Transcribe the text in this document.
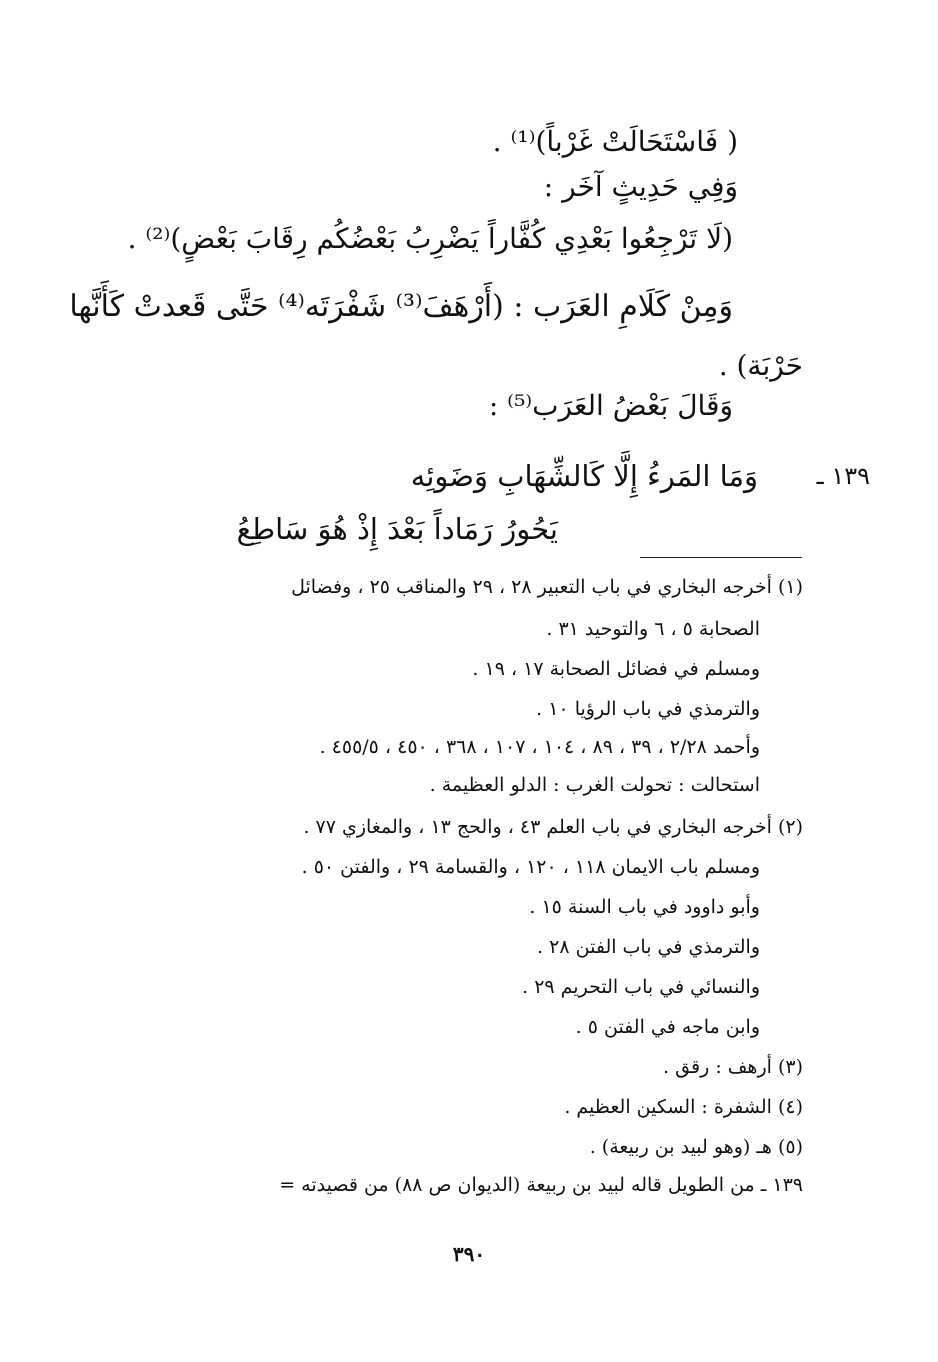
( فَاسْتَحَالَتْ غَرْباً)⁽¹⁾ .

وَفِي حَدِيثٍ آخَر :

(لَا تَرْجِعُوا بَعْدِي كُفَّاراً يَضْرِبُ بَعْضُكُم رِقَابَ بَعْضٍ)⁽²⁾ .

وَمِنْ كَلَامِ العَرَب : (أَرْهَفَ⁽³⁾ شَفْرَتَه⁽⁴⁾ حَتَّى قَعدتْ كَأَنَّها

حَرْبَة) .

وَقَالَ بَعْضُ العَرَب⁽⁵⁾ :

١٣٩ ـ

وَمَا المَرءُ إِلَّا كَالشِّهَابِ وَضَوئِه

يَحُورُ رَمَاداً بَعْدَ إِذْ هُوَ سَاطِعُ

(١) أخرجه البخاري في باب التعبير ٢٨ ، ٢٩ والمناقب ٢٥ ، وفضائل

الصحابة ٥ ، ٦ والتوحيد ٣١ .

ومسلم في فضائل الصحابة ١٧ ، ١٩ .

والترمذي في باب الرؤيا ١٠ .

وأحمد ٢/٢٨ ، ٣٩ ، ٨٩ ، ١٠٤ ، ١٠٧ ، ٣٦٨ ، ٤٥٠ ، ٤٥٥/٥ .

استحالت : تحولت الغرب : الدلو العظيمة .

(٢) أخرجه البخاري في باب العلم ٤٣ ، والحج ١٣ ، والمغازي ٧٧ .

ومسلم باب الايمان ١١٨ ، ١٢٠ ، والقسامة ٢٩ ، والفتن ٥٠ .

وأبو داوود في باب السنة ١٥ .

والترمذي في باب الفتن ٢٨ .

والنسائي في باب التحريم ٢٩ .

وابن ماجه في الفتن ٥ .

(٣) أرهف : رقق .

(٤) الشفرة : السكين العظيم .

(٥) هـ (وهو لبيد بن ربيعة) .

١٣٩ ـ من الطويل قاله لبيد بن ربيعة (الديوان ص ٨٨) من قصيدته =

٣٩٠
